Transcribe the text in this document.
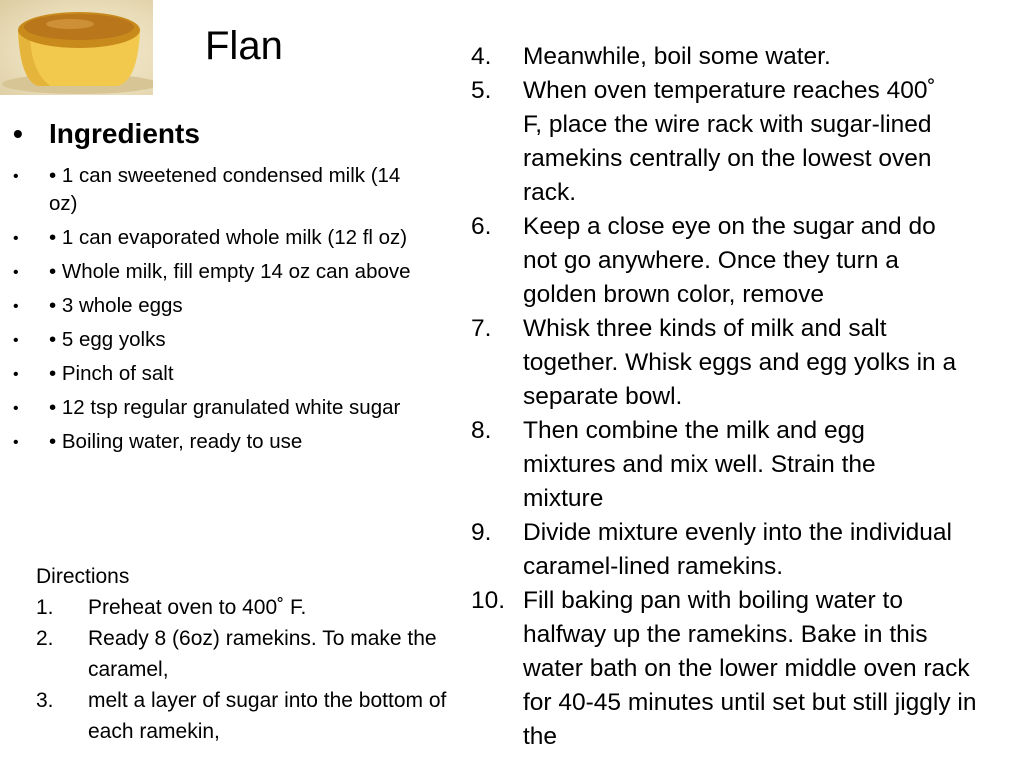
Flan
• Ingredients
• • 1 can sweetened condensed milk (14 oz)
• • 1 can evaporated whole milk (12 fl oz)
• • Whole milk, fill empty 14 oz can above
• • 3 whole eggs
• • 5 egg yolks
• • Pinch of salt
• • 12 tsp regular granulated white sugar
• • Boiling water, ready to use
Directions
1. Preheat oven to 400˚ F.
2. Ready 8 (6oz) ramekins. To make the caramel,
3. melt a layer of sugar into the bottom of each ramekin,
4. Meanwhile, boil some water.
5. When oven temperature reaches 400˚ F, place the wire rack with sugar-lined ramekins centrally on the lowest oven rack.
6. Keep a close eye on the sugar and do not go anywhere. Once they turn a golden brown color, remove
7. Whisk three kinds of milk and salt together. Whisk eggs and egg yolks in a separate bowl.
8. Then combine the milk and egg mixtures and mix well. Strain the mixture
9. Divide mixture evenly into the individual caramel-lined ramekins.
10. Fill baking pan with boiling water to halfway up the ramekins. Bake in this water bath on the lower middle oven rack for 40-45 minutes until set but still jiggly in the
